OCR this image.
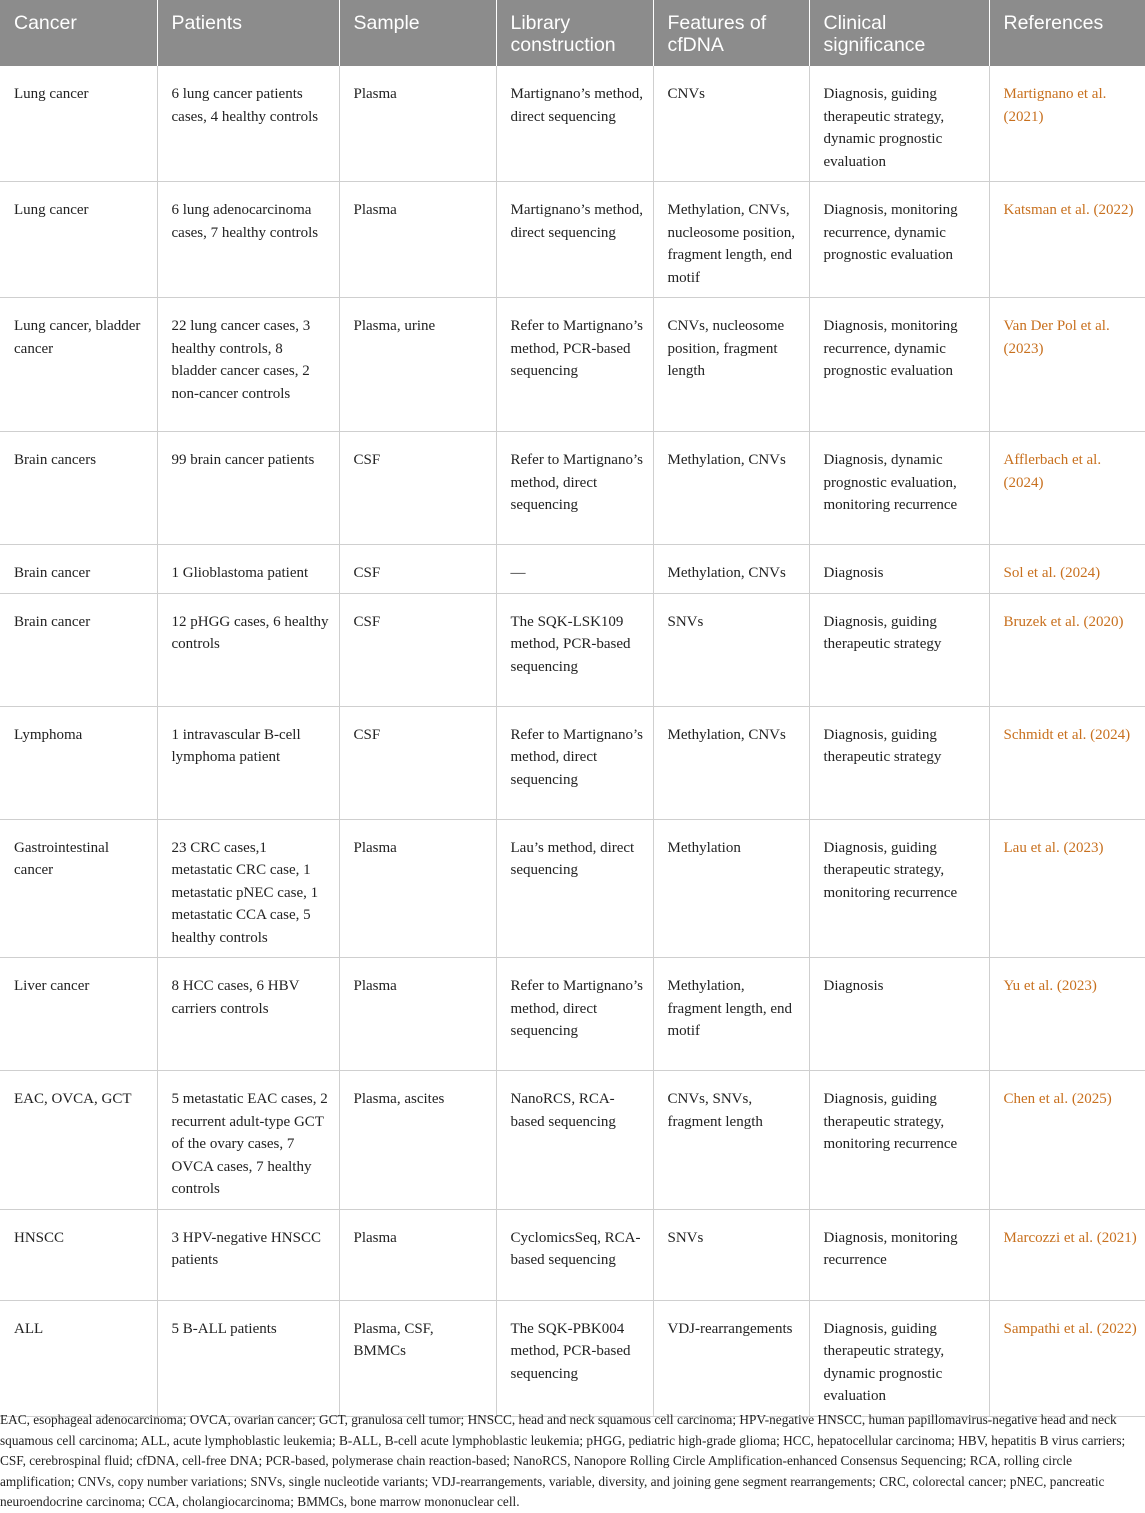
Cancer	Patients	Sample	Library construction	Features of cfDNA	Clinical significance	References
Lung cancer	6 lung cancer patients cases, 4 healthy controls	Plasma	Martignano’s method, direct sequencing	CNVs	Diagnosis, guiding therapeutic strategy, dynamic prognostic evaluation	Martignano et al. (2021)
Lung cancer	6 lung adenocarcinoma cases, 7 healthy controls	Plasma	Martignano’s method, direct sequencing	Methylation, CNVs, nucleosome position, fragment length, end motif	Diagnosis, monitoring recurrence, dynamic prognostic evaluation	Katsman et al. (2022)
Lung cancer, bladder cancer	22 lung cancer cases, 3 healthy controls, 8 bladder cancer cases, 2 non-cancer controls	Plasma, urine	Refer to Martignano’s method, PCR-based sequencing	CNVs, nucleosome position, fragment length	Diagnosis, monitoring recurrence, dynamic prognostic evaluation	Van Der Pol et al. (2023)
Brain cancers	99 brain cancer patients	CSF	Refer to Martignano’s method, direct sequencing	Methylation, CNVs	Diagnosis, dynamic prognostic evaluation, monitoring recurrence	Afflerbach et al. (2024)
Brain cancer	1 Glioblastoma patient	CSF	—	Methylation, CNVs	Diagnosis	Sol et al. (2024)
Brain cancer	12 pHGG cases, 6 healthy controls	CSF	The SQK-LSK109 method, PCR-based sequencing	SNVs	Diagnosis, guiding therapeutic strategy	Bruzek et al. (2020)
Lymphoma	1 intravascular B-cell lymphoma patient	CSF	Refer to Martignano’s method, direct sequencing	Methylation, CNVs	Diagnosis, guiding therapeutic strategy	Schmidt et al. (2024)
Gastrointestinal cancer	23 CRC cases,1 metastatic CRC case, 1 metastatic pNEC case, 1 metastatic CCA case, 5 healthy controls	Plasma	Lau’s method, direct sequencing	Methylation	Diagnosis, guiding therapeutic strategy, monitoring recurrence	Lau et al. (2023)
Liver cancer	8 HCC cases, 6 HBV carriers controls	Plasma	Refer to Martignano’s method, direct sequencing	Methylation, fragment length, end motif	Diagnosis	Yu et al. (2023)
EAC, OVCA, GCT	5 metastatic EAC cases, 2 recurrent adult-type GCT of the ovary cases, 7 OVCA cases, 7 healthy controls	Plasma, ascites	NanoRCS, RCA-based sequencing	CNVs, SNVs, fragment length	Diagnosis, guiding therapeutic strategy, monitoring recurrence	Chen et al. (2025)
HNSCC	3 HPV-negative HNSCC patients	Plasma	CyclomicsSeq, RCA-based sequencing	SNVs	Diagnosis, monitoring recurrence	Marcozzi et al. (2021)
ALL	5 B-ALL patients	Plasma, CSF, BMMCs	The SQK-PBK004 method, PCR-based sequencing	VDJ-rearrangements	Diagnosis, guiding therapeutic strategy, dynamic prognostic evaluation	Sampathi et al. (2022)
EAC, esophageal adenocarcinoma; OVCA, ovarian cancer; GCT, granulosa cell tumor; HNSCC, head and neck squamous cell carcinoma; HPV-negative HNSCC, human papillomavirus-negative head and neck squamous cell carcinoma; ALL, acute lymphoblastic leukemia; B-ALL, B-cell acute lymphoblastic leukemia; pHGG, pediatric high-grade glioma; HCC, hepatocellular carcinoma; HBV, hepatitis B virus carriers; CSF, cerebrospinal fluid; cfDNA, cell-free DNA; PCR-based, polymerase chain reaction-based; NanoRCS, Nanopore Rolling Circle Amplification-enhanced Consensus Sequencing; RCA, rolling circle amplification; CNVs, copy number variations; SNVs, single nucleotide variants; VDJ-rearrangements, variable, diversity, and joining gene segment rearrangements; CRC, colorectal cancer; pNEC, pancreatic neuroendocrine carcinoma; CCA, cholangiocarcinoma; BMMCs, bone marrow mononuclear cell.
